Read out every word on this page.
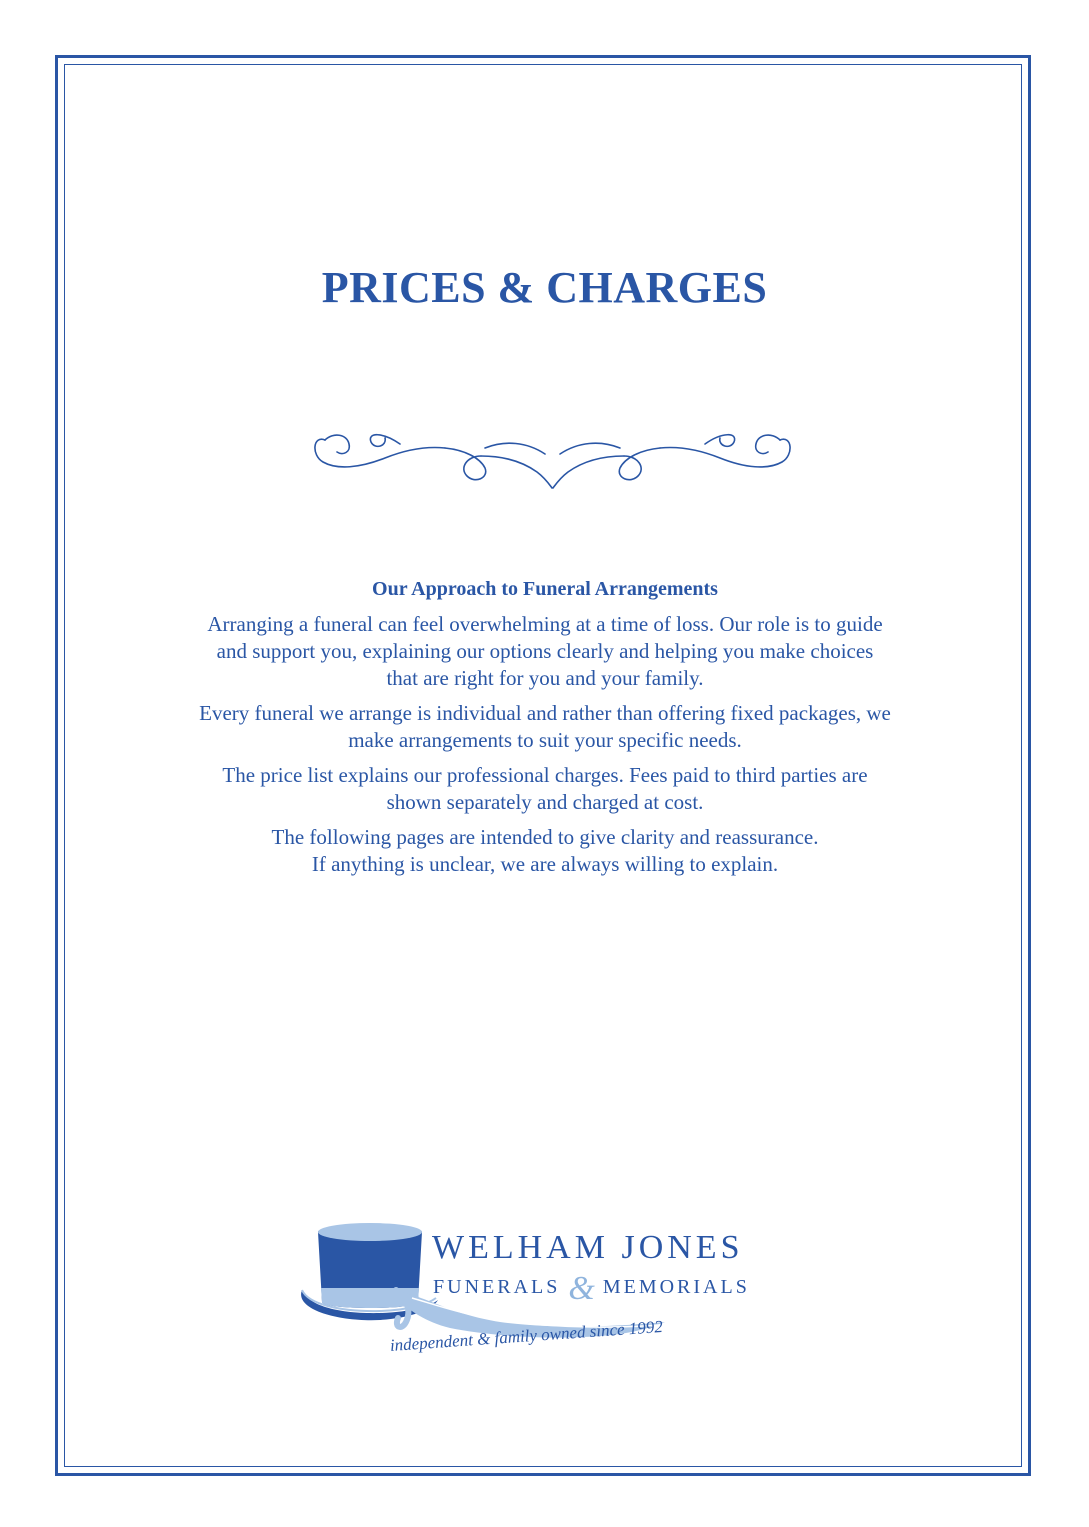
PRICES & CHARGES
Our Approach to Funeral Arrangements

Arranging a funeral can feel overwhelming at a time of loss. Our role is to guide
and support you, explaining our options clearly and helping you make choices
that are right for you and your family.

Every funeral we arrange is individual and rather than offering fixed packages, we
make arrangements to suit your specific needs.

The price list explains our professional charges. Fees paid to third parties are
shown separately and charged at cost.

The following pages are intended to give clarity and reassurance.
If anything is unclear, we are always willing to explain.

WELHAM JONES
FUNERALS & MEMORIALS
independent & family owned since 1992
